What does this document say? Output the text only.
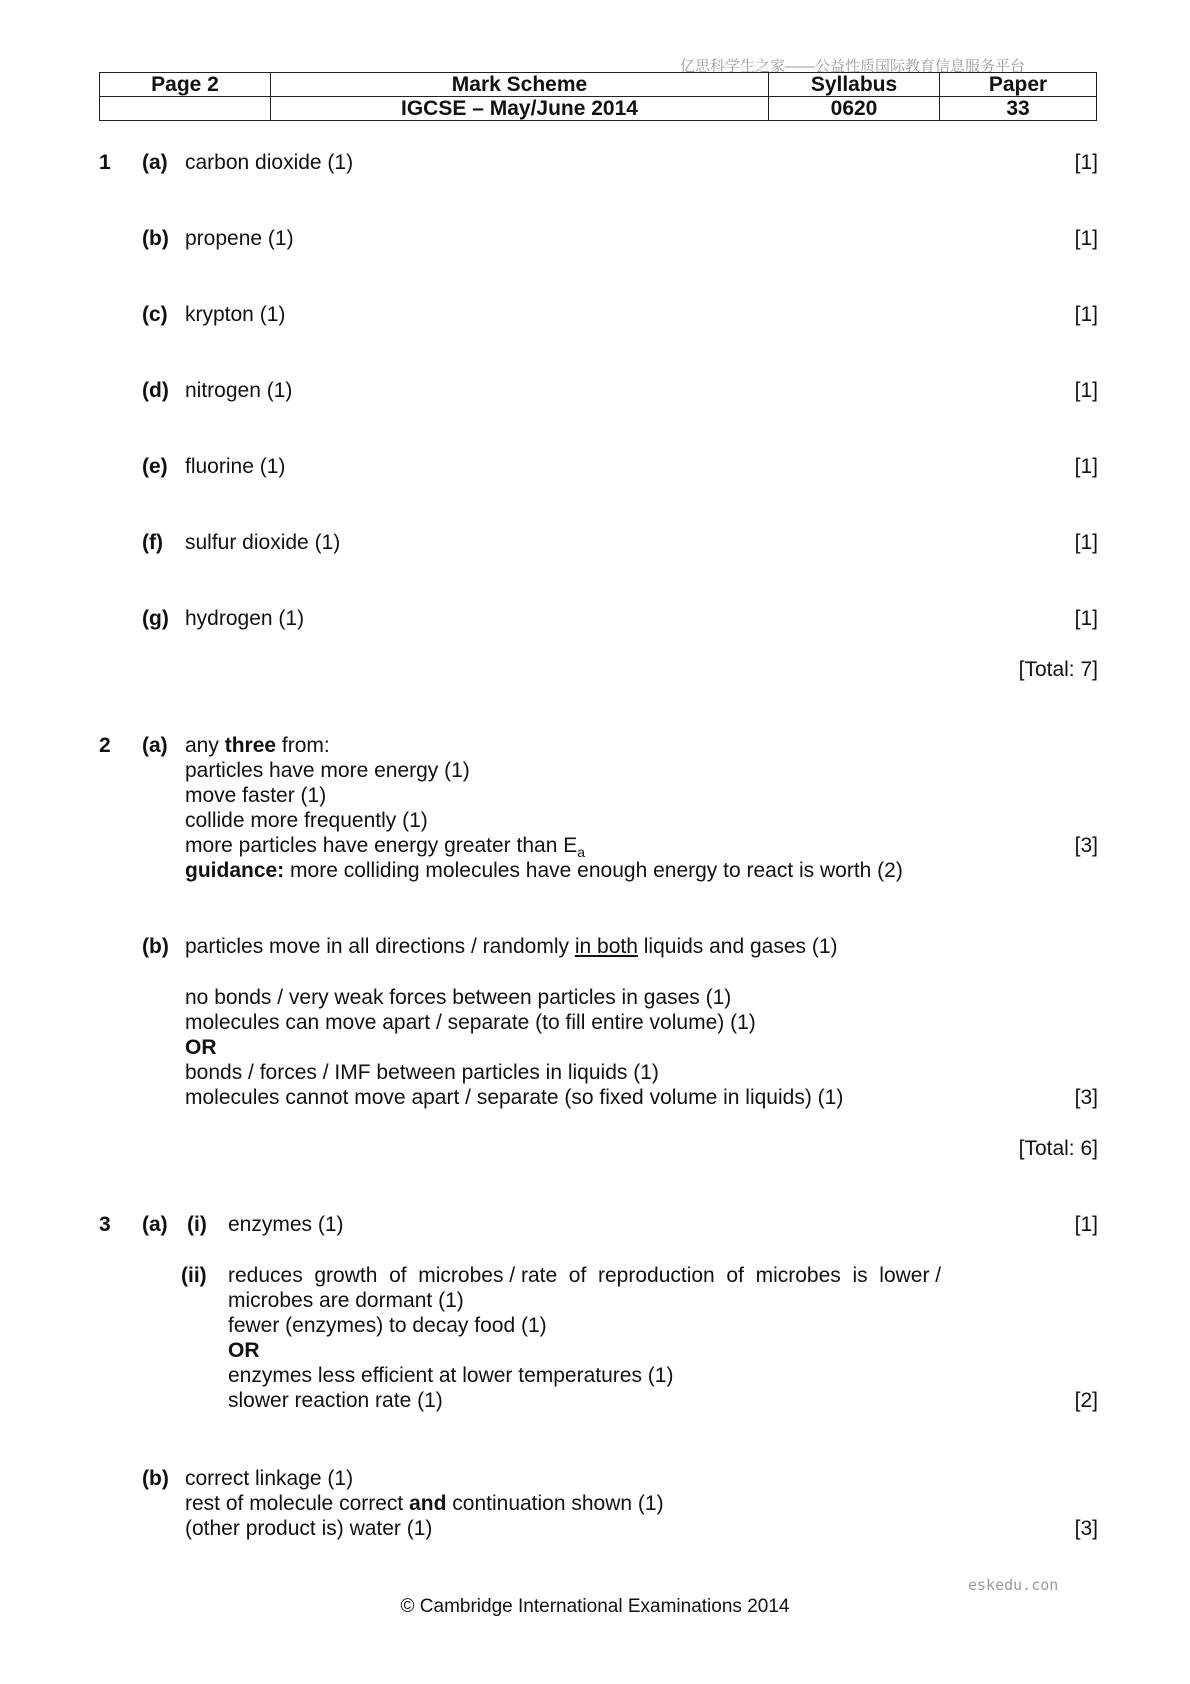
亿思科学生之家——公益性质国际教育信息服务平台
Page 2	Mark Scheme	Syllabus	Paper
	IGCSE – May/June 2014	0620	33
1 (a) carbon dioxide (1)	[1]
(b) propene (1)	[1]
(c) krypton (1)	[1]
(d) nitrogen (1)	[1]
(e) fluorine (1)	[1]
(f) sulfur dioxide (1)	[1]
(g) hydrogen (1)	[1]
[Total: 7]
2 (a) any three from:
particles have more energy (1)
move faster (1)
collide more frequently (1)
more particles have energy greater than $E_a$	[3]
guidance: more colliding molecules have enough energy to react is worth (2)
(b) particles move in all directions / randomly in both liquids and gases (1)
no bonds / very weak forces between particles in gases (1)
molecules can move apart / separate (to fill entire volume) (1)
OR
bonds / forces / IMF between particles in liquids (1)
molecules cannot move apart / separate (so fixed volume in liquids) (1)	[3]
[Total: 6]
3 (a) (i) enzymes (1)	[1]
(ii) reduces  growth  of  microbes / rate  of  reproduction  of  microbes  is  lower /
microbes are dormant (1)
fewer (enzymes) to decay food (1)
OR
enzymes less efficient at lower temperatures (1)
slower reaction rate (1)	[2]
(b) correct linkage (1)
rest of molecule correct and continuation shown (1)
(other product is) water (1)	[3]
eskedu.con
© Cambridge International Examinations 2014
